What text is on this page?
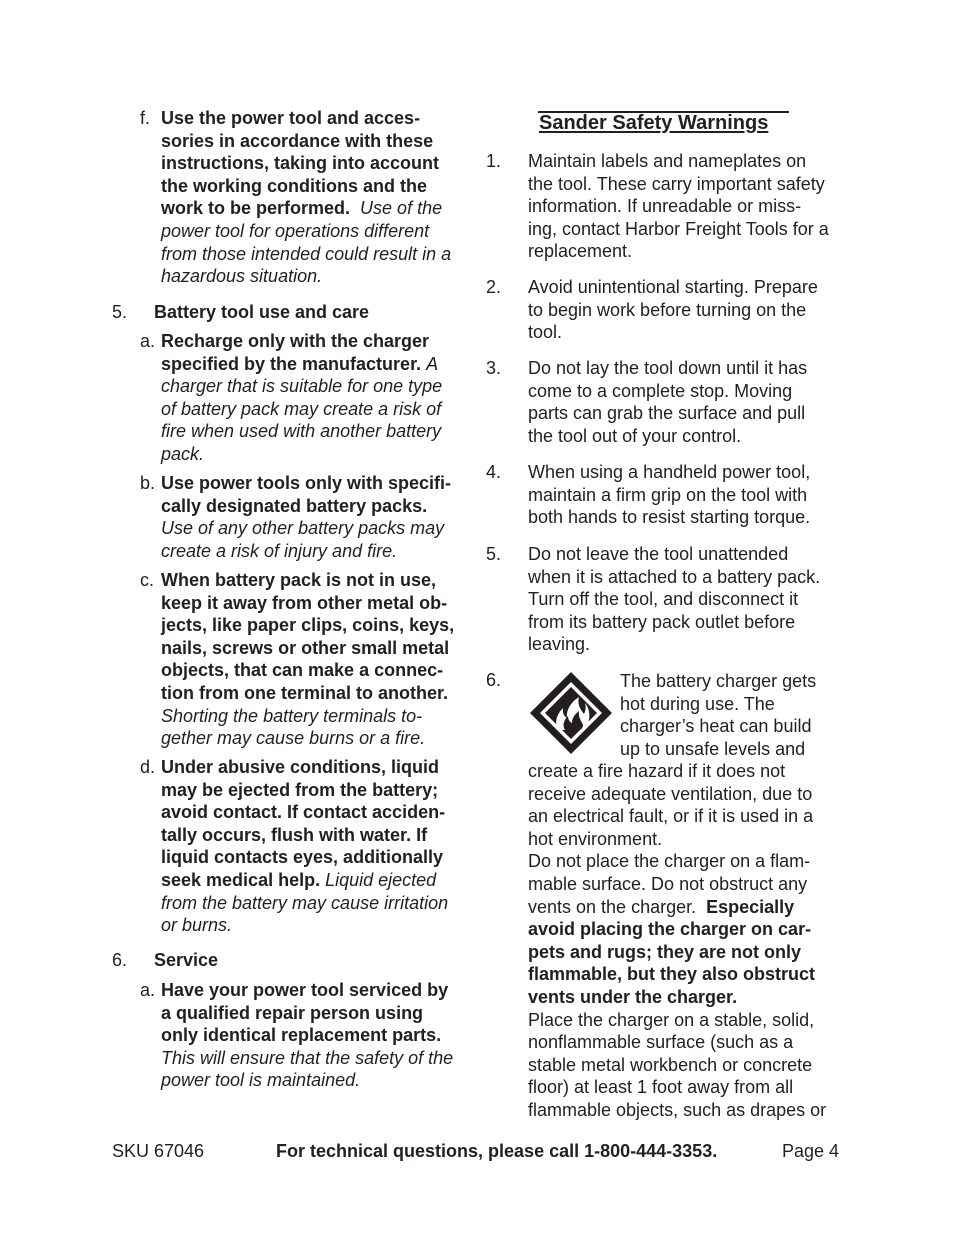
f. Use the power tool and acces-
sories in accordance with these
instructions, taking into account
the working conditions and the
work to be performed. Use of the
power tool for operations different
from those intended could result in a
hazardous situation.
5. Battery tool use and care
a. Recharge only with the charger
specified by the manufacturer. A
charger that is suitable for one type
of battery pack may create a risk of
fire when used with another battery
pack.
b. Use power tools only with specifi-
cally designated battery packs.
Use of any other battery packs may
create a risk of injury and fire.
c. When battery pack is not in use,
keep it away from other metal ob-
jects, like paper clips, coins, keys,
nails, screws or other small metal
objects, that can make a connec-
tion from one terminal to another.
Shorting the battery terminals to-
gether may cause burns or a fire.
d. Under abusive conditions, liquid
may be ejected from the battery;
avoid contact. If contact acciden-
tally occurs, flush with water. If
liquid contacts eyes, additionally
seek medical help. Liquid ejected
from the battery may cause irritation
or burns.
6. Service
a. Have your power tool serviced by
a qualified repair person using
only identical replacement parts.
This will ensure that the safety of the
power tool is maintained.
Sander Safety Warnings
1. Maintain labels and nameplates on
the tool. These carry important safety
information. If unreadable or miss-
ing, contact Harbor Freight Tools for a
replacement.
2. Avoid unintentional starting. Prepare
to begin work before turning on the
tool.
3. Do not lay the tool down until it has
come to a complete stop. Moving
parts can grab the surface and pull
the tool out of your control.
4. When using a handheld power tool,
maintain a firm grip on the tool with
both hands to resist starting torque.
5. Do not leave the tool unattended
when it is attached to a battery pack.
Turn off the tool, and disconnect it
from its battery pack outlet before
leaving.
6.	The battery charger gets
hot during use. The
charger’s heat can build
up to unsafe levels and
create a fire hazard if it does not
receive adequate ventilation, due to
an electrical fault, or if it is used in a
hot environment.
Do not place the charger on a flam-
mable surface. Do not obstruct any
vents on the charger.  Especially
avoid placing the charger on car-
pets and rugs; they are not only
flammable, but they also obstruct
vents under the charger.
Place the charger on a stable, solid,
nonflammable surface (such as a
stable metal workbench or concrete
floor) at least 1 foot away from all
flammable objects, such as drapes or
SKU 67046	For technical questions, please call 1-800-444-3353.	Page 4
